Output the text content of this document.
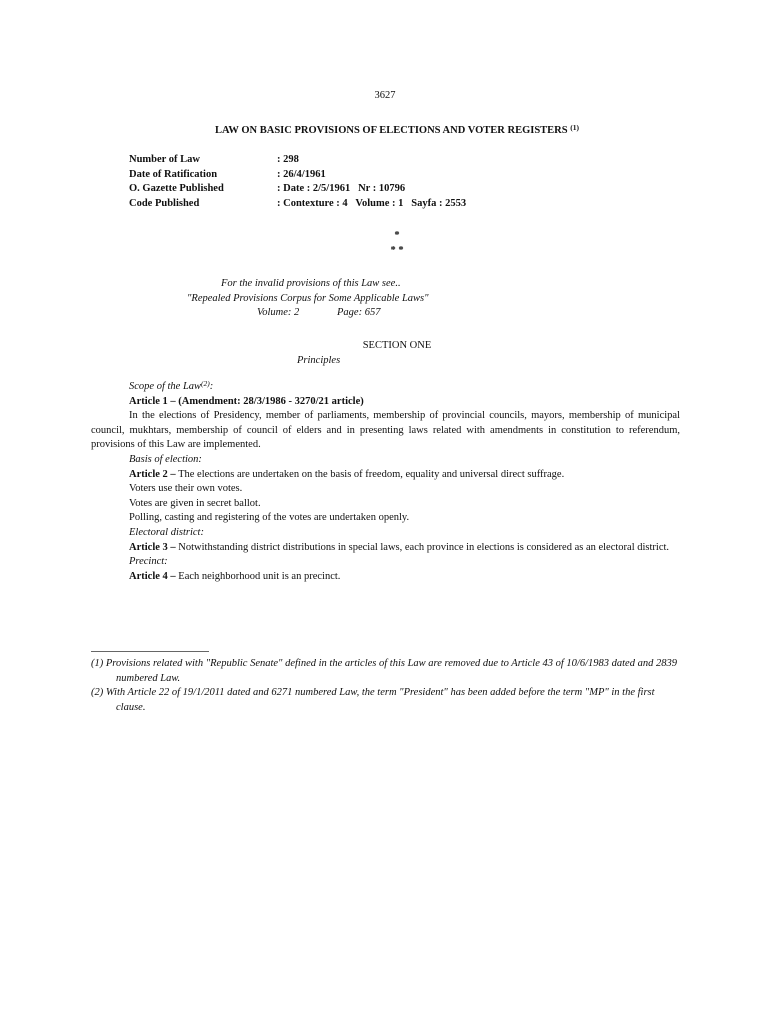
3627
LAW ON BASIC PROVISIONS OF ELECTIONS AND VOTER REGISTERS $^{(1)}$
Number of Law
Date of Ratification
O. Gazette Published
Code Published
: 298
: 26/4/1961
: Date : 2/5/1961   Nr : 10796
: Contexture : 4   Volume : 1   Sayfa : 2553
*
* *
For the invalid provisions of this Law see..
"Repealed Provisions Corpus for Some Applicable Laws"
Volume: 2	Page: 657
SECTION ONE
Principles
Scope of the Law$^{(2)}$:
Article 1 – (Amendment: 28/3/1986 - 3270/21 article)
In the elections of Presidency, member of parliaments, membership of provincial councils, mayors, membership of municipal council, mukhtars, membership of council of elders and in presenting laws related with amendments in constitution to referendum, provisions of this Law are implemented.
Basis of election:
Article 2 – The elections are undertaken on the basis of freedom, equality and universal direct suffrage.
Voters use their own votes.
Votes are given in secret ballot.
Polling, casting and registering of the votes are undertaken openly.
Electoral district:
Article 3 – Notwithstanding district distributions in special laws, each province in elections is considered as an electoral district.
Precinct:
Article 4 – Each neighborhood unit is an precinct.
(1) Provisions related with "Republic Senate" defined in the articles of this Law are removed due to Article 43 of 10/6/1983 dated and 2839 numbered Law.
(2) With Article 22 of 19/1/2011 dated and 6271 numbered Law, the term "President" has been added before the term "MP" in the first clause.
